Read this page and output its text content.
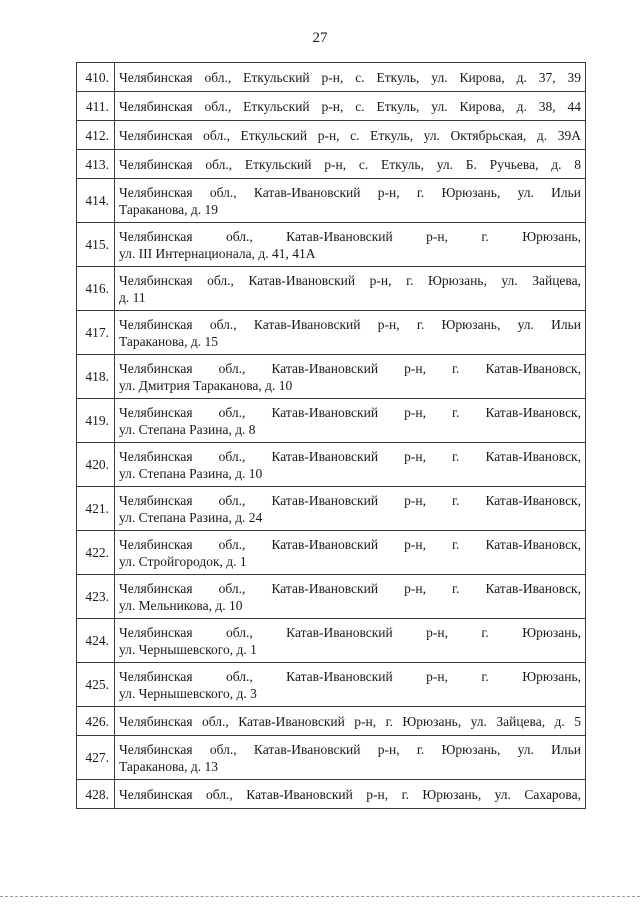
27
410.	Челябинская обл., Еткульский р-н, с. Еткуль, ул. Кирова, д. 37, 39

411.	Челябинская обл., Еткульский р-н, с. Еткуль, ул. Кирова, д. 38, 44

412.	Челябинская обл., Еткульский р-н, с. Еткуль, ул. Октябрьская, д. 39А

413.	Челябинская обл., Еткульский р-н, с. Еткуль, ул. Б. Ручьева, д. 8

414.	Челябинская обл., Катав-Ивановский р-н, г. Юрюзань, ул. Ильи
Тараканова, д. 19

415.	Челябинская обл., Катав-Ивановский р-н, г. Юрюзань,
ул. III Интернационала, д. 41, 41А

416.	Челябинская обл., Катав-Ивановский р-н, г. Юрюзань, ул. Зайцева,
д. 11

417.	Челябинская обл., Катав-Ивановский р-н, г. Юрюзань, ул. Ильи
Тараканова, д. 15

418.	Челябинская обл., Катав-Ивановский р-н, г. Катав-Ивановск,
ул. Дмитрия Тараканова, д. 10

419.	Челябинская обл., Катав-Ивановский р-н, г. Катав-Ивановск,
ул. Степана Разина, д. 8

420.	Челябинская обл., Катав-Ивановский р-н, г. Катав-Ивановск,
ул. Степана Разина, д. 10

421.	Челябинская обл., Катав-Ивановский р-н, г. Катав-Ивановск,
ул. Степана Разина, д. 24

422.	Челябинская обл., Катав-Ивановский р-н, г. Катав-Ивановск,
ул. Стройгородок, д. 1

423.	Челябинская обл., Катав-Ивановский р-н, г. Катав-Ивановск,
ул. Мельникова, д. 10

424.	Челябинская обл., Катав-Ивановский р-н, г. Юрюзань,
ул. Чернышевского, д. 1

425.	Челябинская обл., Катав-Ивановский р-н, г. Юрюзань,
ул. Чернышевского, д. 3

426.	Челябинская обл., Катав-Ивановский р-н, г. Юрюзань, ул. Зайцева, д. 5

427.	Челябинская обл., Катав-Ивановский р-н, г. Юрюзань, ул. Ильи
Тараканова, д. 13

428.	Челябинская обл., Катав-Ивановский р-н, г. Юрюзань, ул. Сахарова,
